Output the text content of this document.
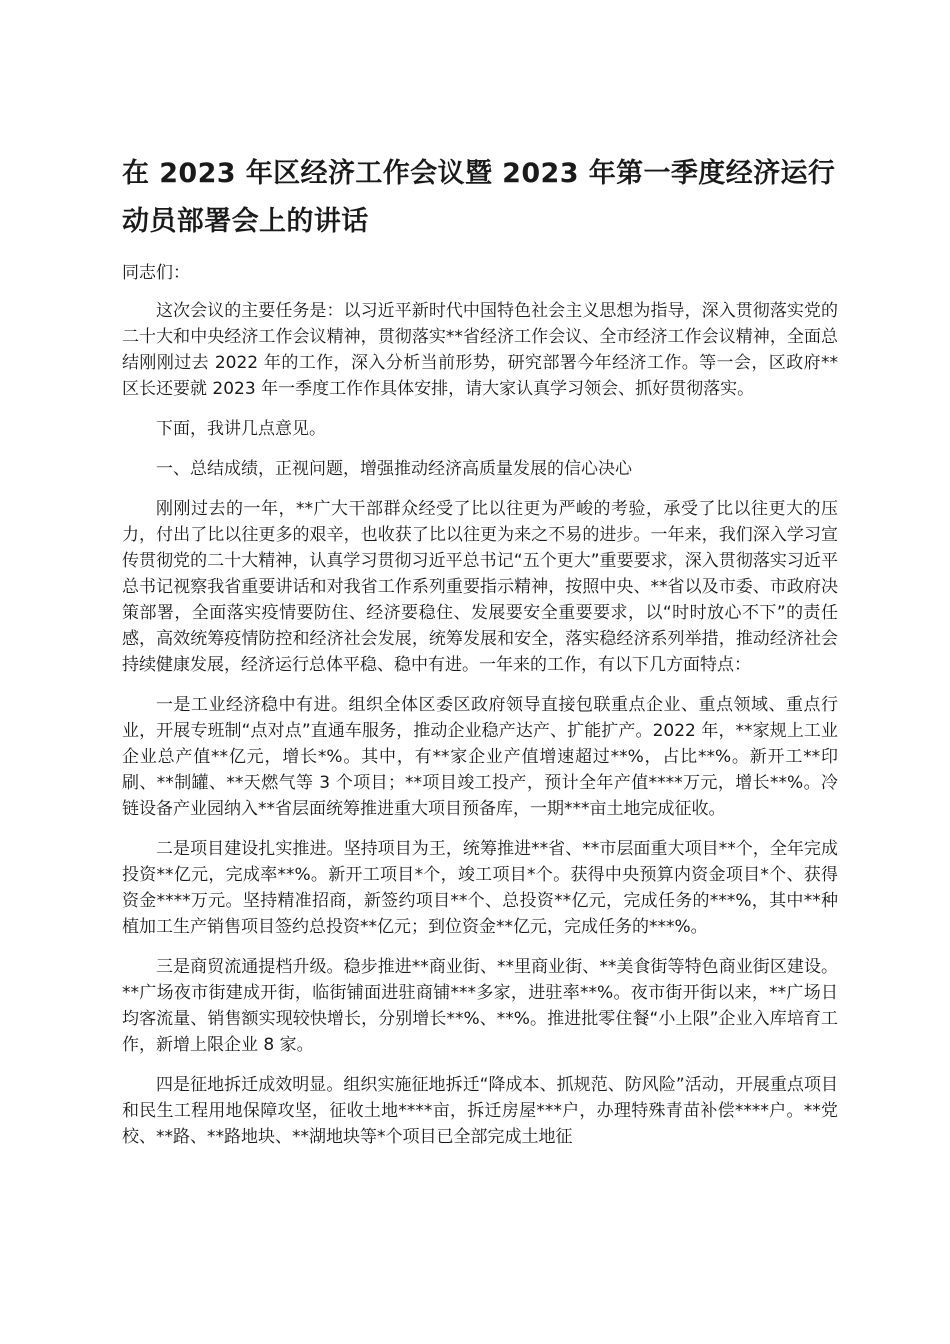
在 2023 年区经济工作会议暨 2023 年第一季度经济运行动员部署会上的讲话

同志们：

这次会议的主要任务是：以习近平新时代中国特色社会主义思想为指导，深入贯彻落实党的二十大和中央经济工作会议精神，贯彻落实**省经济工作会议、全市经济工作会议精神，全面总结刚刚过去 2022 年的工作，深入分析当前形势，研究部署今年经济工作。等一会，区政府**区长还要就 2023 年一季度工作作具体安排，请大家认真学习领会、抓好贯彻落实。

下面，我讲几点意见。

一、总结成绩，正视问题，增强推动经济高质量发展的信心决心

刚刚过去的一年，**广大干部群众经受了比以往更为严峻的考验，承受了比以往更大的压力，付出了比以往更多的艰辛，也收获了比以往更为来之不易的进步。一年来，我们深入学习宣传贯彻党的二十大精神，认真学习贯彻习近平总书记“五个更大”重要要求，深入贯彻落实习近平总书记视察我省重要讲话和对我省工作系列重要指示精神，按照中央、**省以及市委、市政府决策部署，全面落实疫情要防住、经济要稳住、发展要安全重要要求，以“时时放心不下”的责任感，高效统筹疫情防控和经济社会发展，统筹发展和安全，落实稳经济系列举措，推动经济社会持续健康发展，经济运行总体平稳、稳中有进。一年来的工作，有以下几方面特点：

一是工业经济稳中有进。组织全体区委区政府领导直接包联重点企业、重点领域、重点行业，开展专班制“点对点”直通车服务，推动企业稳产达产、扩能扩产。2022 年，**家规上工业企业总产值**亿元，增长*%。其中，有**家企业产值增速超过**%，占比**%。新开工**印刷、**制罐、**天燃气等 3 个项目；**项目竣工投产，预计全年产值****万元，增长**%。冷链设备产业园纳入**省层面统筹推进重大项目预备库，一期***亩土地完成征收。

二是项目建设扎实推进。坚持项目为王，统筹推进**省、**市层面重大项目**个，全年完成投资**亿元，完成率**%。新开工项目*个，竣工项目*个。获得中央预算内资金项目*个、获得资金****万元。坚持精准招商，新签约项目**个、总投资**亿元，完成任务的***%，其中**种植加工生产销售项目签约总投资**亿元；到位资金**亿元，完成任务的***%。

三是商贸流通提档升级。稳步推进**商业街、**里商业街、**美食街等特色商业街区建设。**广场夜市街建成开街，临街铺面进驻商铺***多家，进驻率**%。夜市街开街以来，**广场日均客流量、销售额实现较快增长，分别增长**%、**%。推进批零住餐“小上限”企业入库培育工作，新增上限企业 8 家。

四是征地拆迁成效明显。组织实施征地拆迁“降成本、抓规范、防风险”活动，开展重点项目和民生工程用地保障攻坚，征收土地****亩，拆迁房屋***户，办理特殊青苗补偿****户。**党校、**路、**路地块、**湖地块等*个项目已全部完成土地征
